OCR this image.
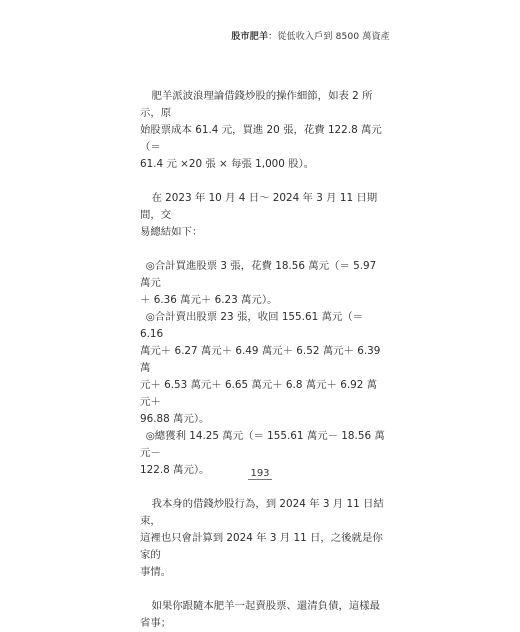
股市肥羊：從低收入戶到 8500 萬資產

肥羊派波浪理論借錢炒股的操作細節，如表 2 所示，原
始股票成本 61.4 元，買進 20 張，花費 122.8 萬元（＝
61.4 元 ×20 張 × 每張 1,000 股）。

在 2023 年 10 月 4 日～ 2024 年 3 月 11 日期間，交
易總結如下：

◎合計買進股票 3 張，花費 18.56 萬元（＝ 5.97 萬元
＋ 6.36 萬元＋ 6.23 萬元）。
◎合計賣出股票 23 張，收回 155.61 萬元（＝ 6.16
萬元＋ 6.27 萬元＋ 6.49 萬元＋ 6.52 萬元＋ 6.39 萬
元＋ 6.53 萬元＋ 6.65 萬元＋ 6.8 萬元＋ 6.92 萬元＋
96.88 萬元）。
◎總獲利 14.25 萬元（＝ 155.61 萬元－ 18.56 萬元－
122.8 萬元）。

我本身的借錢炒股行為，到 2024 年 3 月 11 日結束，
這裡也只會計算到 2024 年 3 月 11 日，之後就是你家的
事情。

如果你跟隨本肥羊一起賣股票、還清負債，這樣最省事；

193
